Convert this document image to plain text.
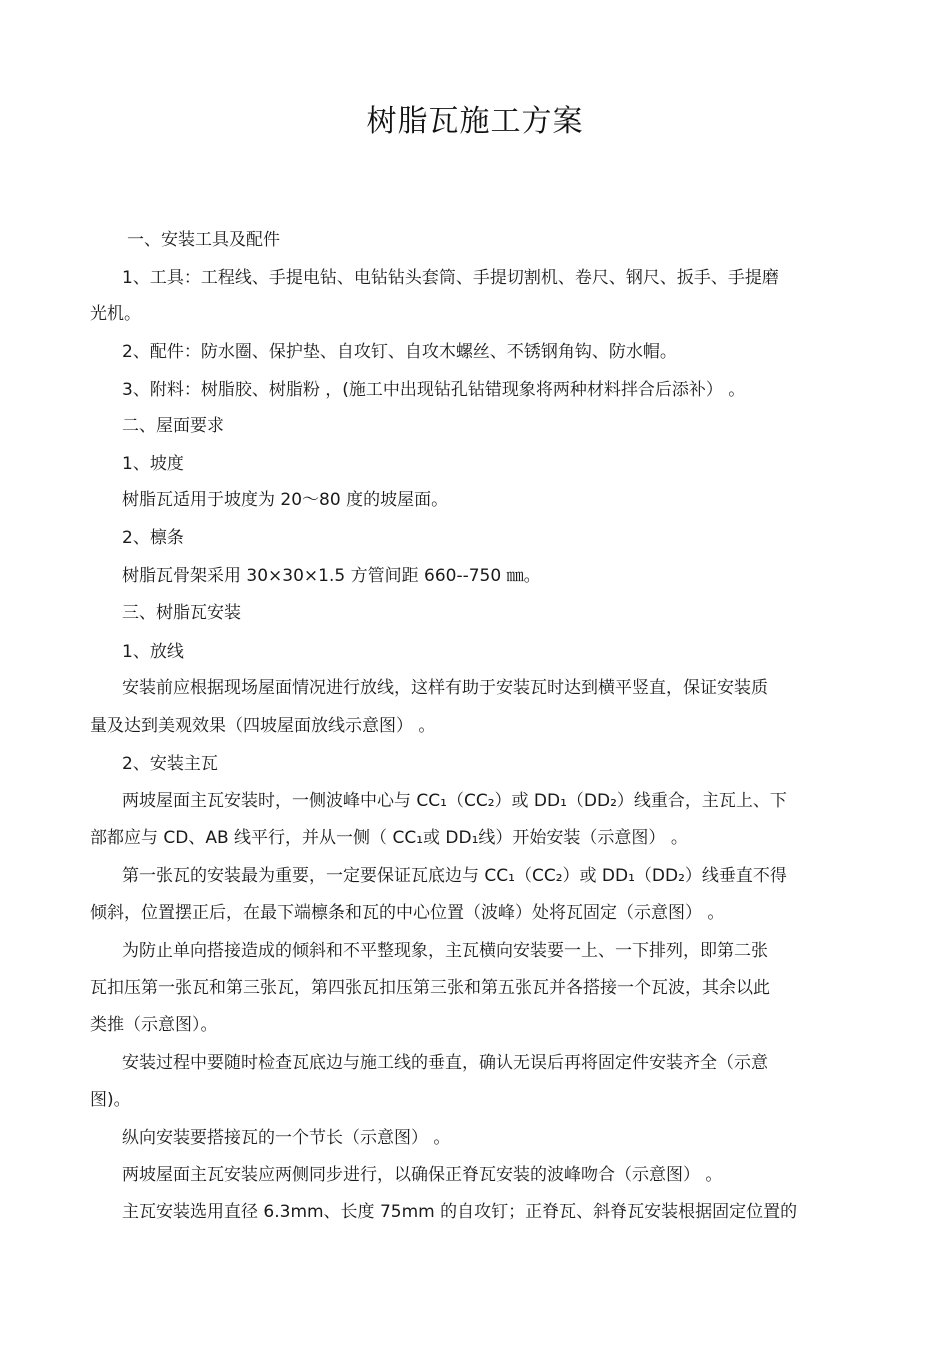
树脂瓦施工方案
一、安装工具及配件
1、工具：工程线、手提电钻、电钻钻头套筒、手提切割机、卷尺、钢尺、扳手、手提磨
光机。
2、配件：防水圈、保护垫、自攻钉、自攻木螺丝、不锈钢角钩、防水帽。
3、附料：树脂胶、树脂粉 ，(施工中出现钻孔钻错现象将两种材料拌合后添补） 。
二、屋面要求
1、坡度
树脂瓦适用于坡度为 20～80 度的坡屋面。
2、檩条
树脂瓦骨架采用 30×30×1.5 方管间距 660--750 ㎜。
三、树脂瓦安装
1、放线
安装前应根据现场屋面情况进行放线，这样有助于安装瓦时达到横平竖直，保证安装质
量及达到美观效果（四坡屋面放线示意图） 。
2、安装主瓦
两坡屋面主瓦安装时，一侧波峰中心与 CC₁（CC₂）或 DD₁（DD₂）线重合，主瓦上、下
部都应与 CD、AB 线平行，并从一侧（ CC₁或 DD₁线）开始安装（示意图） 。
第一张瓦的安装最为重要，一定要保证瓦底边与 CC₁（CC₂）或 DD₁（DD₂）线垂直不得
倾斜，位置摆正后，在最下端檩条和瓦的中心位置（波峰）处将瓦固定（示意图） 。
为防止单向搭接造成的倾斜和不平整现象，主瓦横向安装要一上、一下排列，即第二张
瓦扣压第一张瓦和第三张瓦，第四张瓦扣压第三张和第五张瓦并各搭接一个瓦波，其余以此
类推（示意图）。
安装过程中要随时检查瓦底边与施工线的垂直，确认无误后再将固定件安装齐全（示意
图)。
纵向安装要搭接瓦的一个节长（示意图） 。
两坡屋面主瓦安装应两侧同步进行，以确保正脊瓦安装的波峰吻合（示意图） 。
主瓦安装选用直径 6.3mm、长度 75mm 的自攻钉；正脊瓦、斜脊瓦安装根据固定位置的
